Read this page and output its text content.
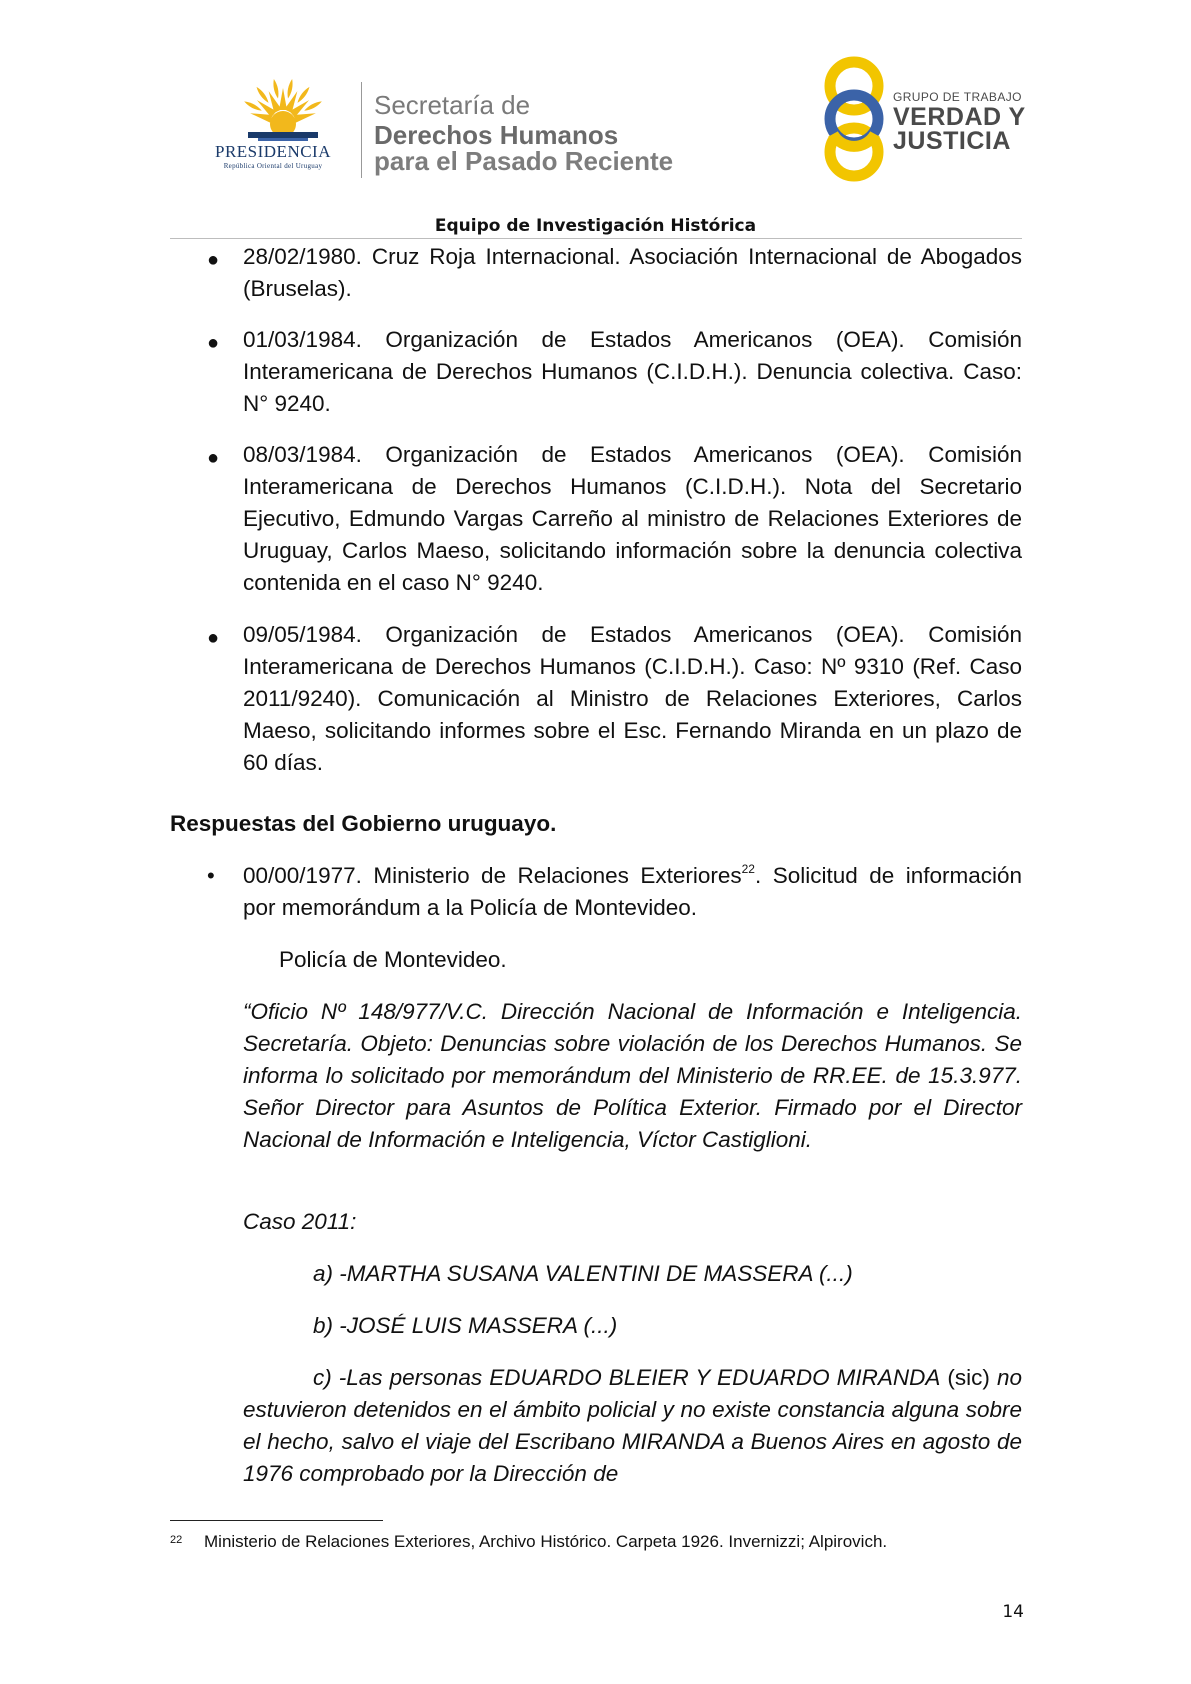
PRESIDENCIA
República Oriental del Uruguay
Secretaría de
Derechos Humanos
para el Pasado Reciente
GRUPO DE TRABAJO
VERDAD Y
JUSTICIA
Equipo de Investigación Histórica
● 28/02/1980. Cruz Roja Internacional. Asociación Internacional de Abogados (Bruselas).
● 01/03/1984. Organización de Estados Americanos (OEA). Comisión Interamericana de Derechos Humanos (C.I.D.H.). Denuncia colectiva. Caso: N° 9240.
● 08/03/1984. Organización de Estados Americanos (OEA). Comisión Interamericana de Derechos Humanos (C.I.D.H.). Nota del Secretario Ejecutivo, Edmundo Vargas Carreño al ministro de Relaciones Exteriores de Uruguay, Carlos Maeso, solicitando información sobre la denuncia colectiva contenida en el caso N° 9240.
● 09/05/1984. Organización de Estados Americanos (OEA). Comisión Interamericana de Derechos Humanos (C.I.D.H.). Caso: Nº 9310 (Ref. Caso 2011/9240). Comunicación al Ministro de Relaciones Exteriores, Carlos Maeso, solicitando informes sobre el Esc. Fernando Miranda en un plazo de 60 días.
Respuestas del Gobierno uruguayo.
• 00/00/1977. Ministerio de Relaciones Exteriores$^{22}$. Solicitud de información por memorándum a la Policía de Montevideo.
Policía de Montevideo.
“Oficio Nº 148/977/V.C. Dirección Nacional de Información e Inteligencia. Secretaría. Objeto: Denuncias sobre violación de los Derechos Humanos. Se informa lo solicitado por memorándum del Ministerio de RR.EE. de 15.3.977. Señor Director para Asuntos de Política Exterior. Firmado por el Director Nacional de Información e Inteligencia, Víctor Castiglioni.
Caso 2011:
a) -MARTHA SUSANA VALENTINI DE MASSERA (...)
b) -JOSÉ LUIS MASSERA (...)
c) -Las personas EDUARDO BLEIER Y EDUARDO MIRANDA (sic) no estuvieron detenidos en el ámbito policial y no existe constancia alguna sobre el hecho, salvo el viaje del Escribano MIRANDA a Buenos Aires en agosto de 1976 comprobado por la Dirección de
22 Ministerio de Relaciones Exteriores, Archivo Histórico. Carpeta 1926. Invernizzi; Alpirovich.
14
